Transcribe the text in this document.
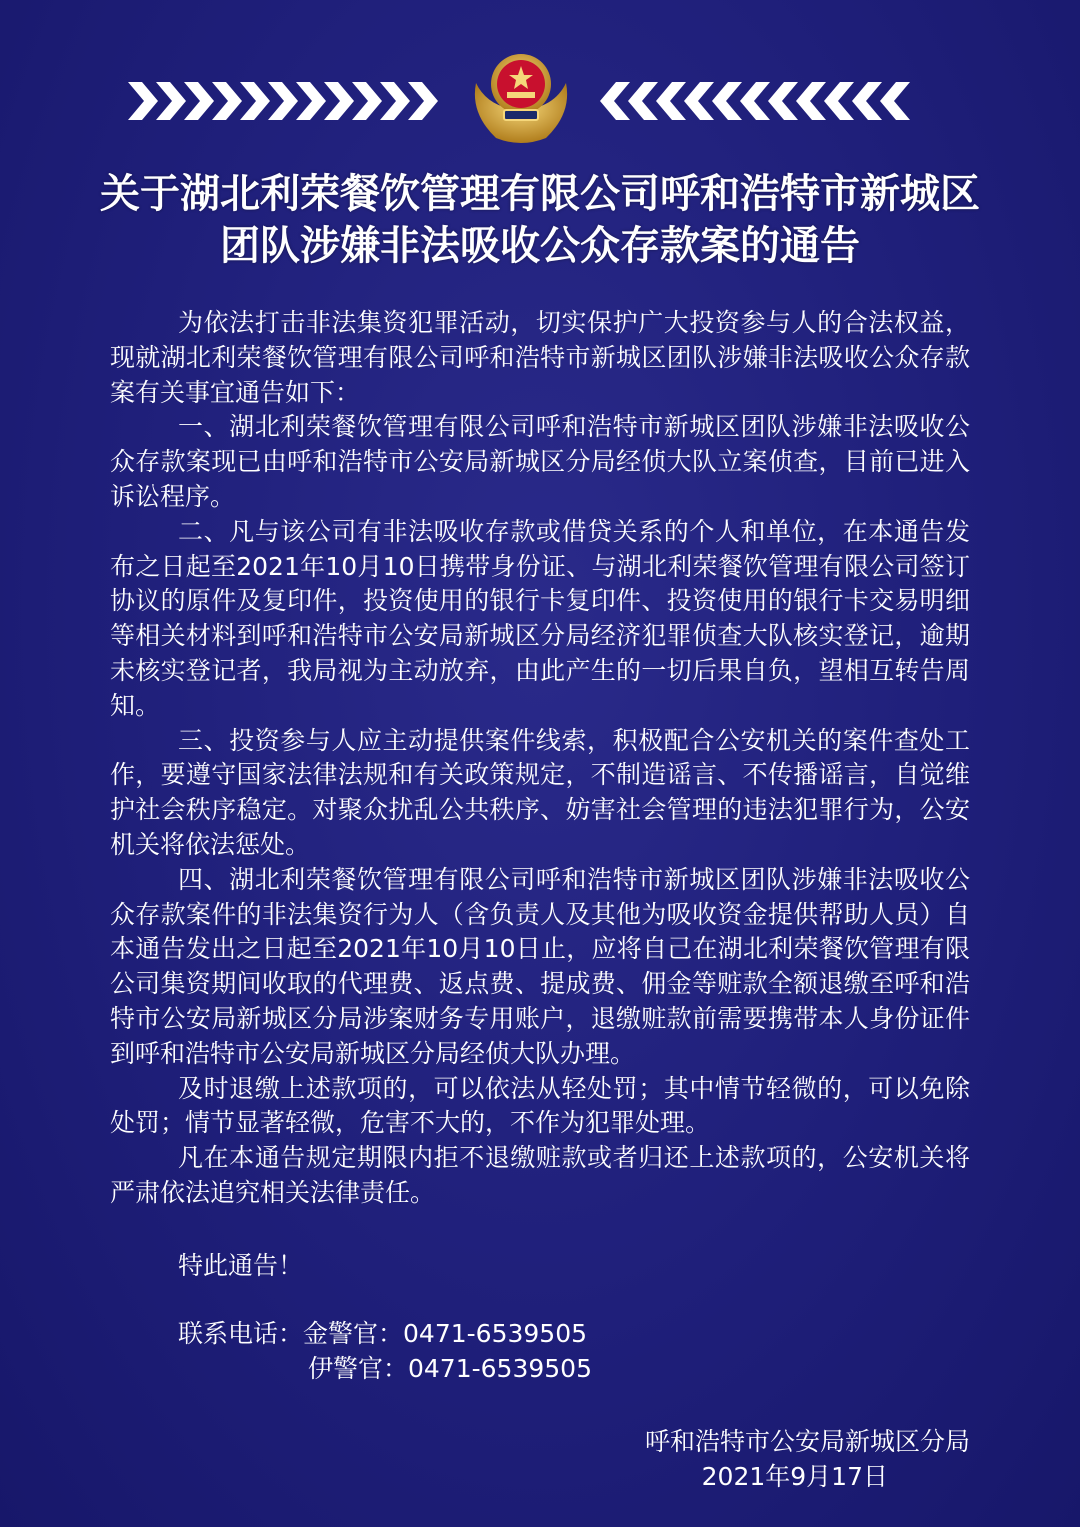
关于湖北利荣餐饮管理有限公司呼和浩特市新城区
团队涉嫌非法吸收公众存款案的通告

为依法打击非法集资犯罪活动，切实保护广大投资参与人的合法权益，现就湖北利荣餐饮管理有限公司呼和浩特市新城区团队涉嫌非法吸收公众存款案有关事宜通告如下：

一、湖北利荣餐饮管理有限公司呼和浩特市新城区团队涉嫌非法吸收公众存款案现已由呼和浩特市公安局新城区分局经侦大队立案侦查，目前已进入诉讼程序。

二、凡与该公司有非法吸收存款或借贷关系的个人和单位，在本通告发布之日起至2021年10月10日携带身份证、与湖北利荣餐饮管理有限公司签订协议的原件及复印件，投资使用的银行卡复印件、投资使用的银行卡交易明细等相关材料到呼和浩特市公安局新城区分局经济犯罪侦查大队核实登记，逾期未核实登记者，我局视为主动放弃，由此产生的一切后果自负，望相互转告周知。

三、投资参与人应主动提供案件线索，积极配合公安机关的案件查处工作，要遵守国家法律法规和有关政策规定，不制造谣言、不传播谣言，自觉维护社会秩序稳定。对聚众扰乱公共秩序、妨害社会管理的违法犯罪行为，公安机关将依法惩处。

四、湖北利荣餐饮管理有限公司呼和浩特市新城区团队涉嫌非法吸收公众存款案件的非法集资行为人（含负责人及其他为吸收资金提供帮助人员）自本通告发出之日起至2021年10月10日止，应将自己在湖北利荣餐饮管理有限公司集资期间收取的代理费、返点费、提成费、佣金等赃款全额退缴至呼和浩特市公安局新城区分局涉案财务专用账户，退缴赃款前需要携带本人身份证件到呼和浩特市公安局新城区分局经侦大队办理。

及时退缴上述款项的，可以依法从轻处罚；其中情节轻微的，可以免除处罚；情节显著轻微，危害不大的，不作为犯罪处理。

凡在本通告规定期限内拒不退缴赃款或者归还上述款项的，公安机关将严肃依法追究相关法律责任。

特此通告！
联系电话：金警官：0471-6539505
伊警官：0471-6539505
呼和浩特市公安局新城区分局
2021年9月17日
